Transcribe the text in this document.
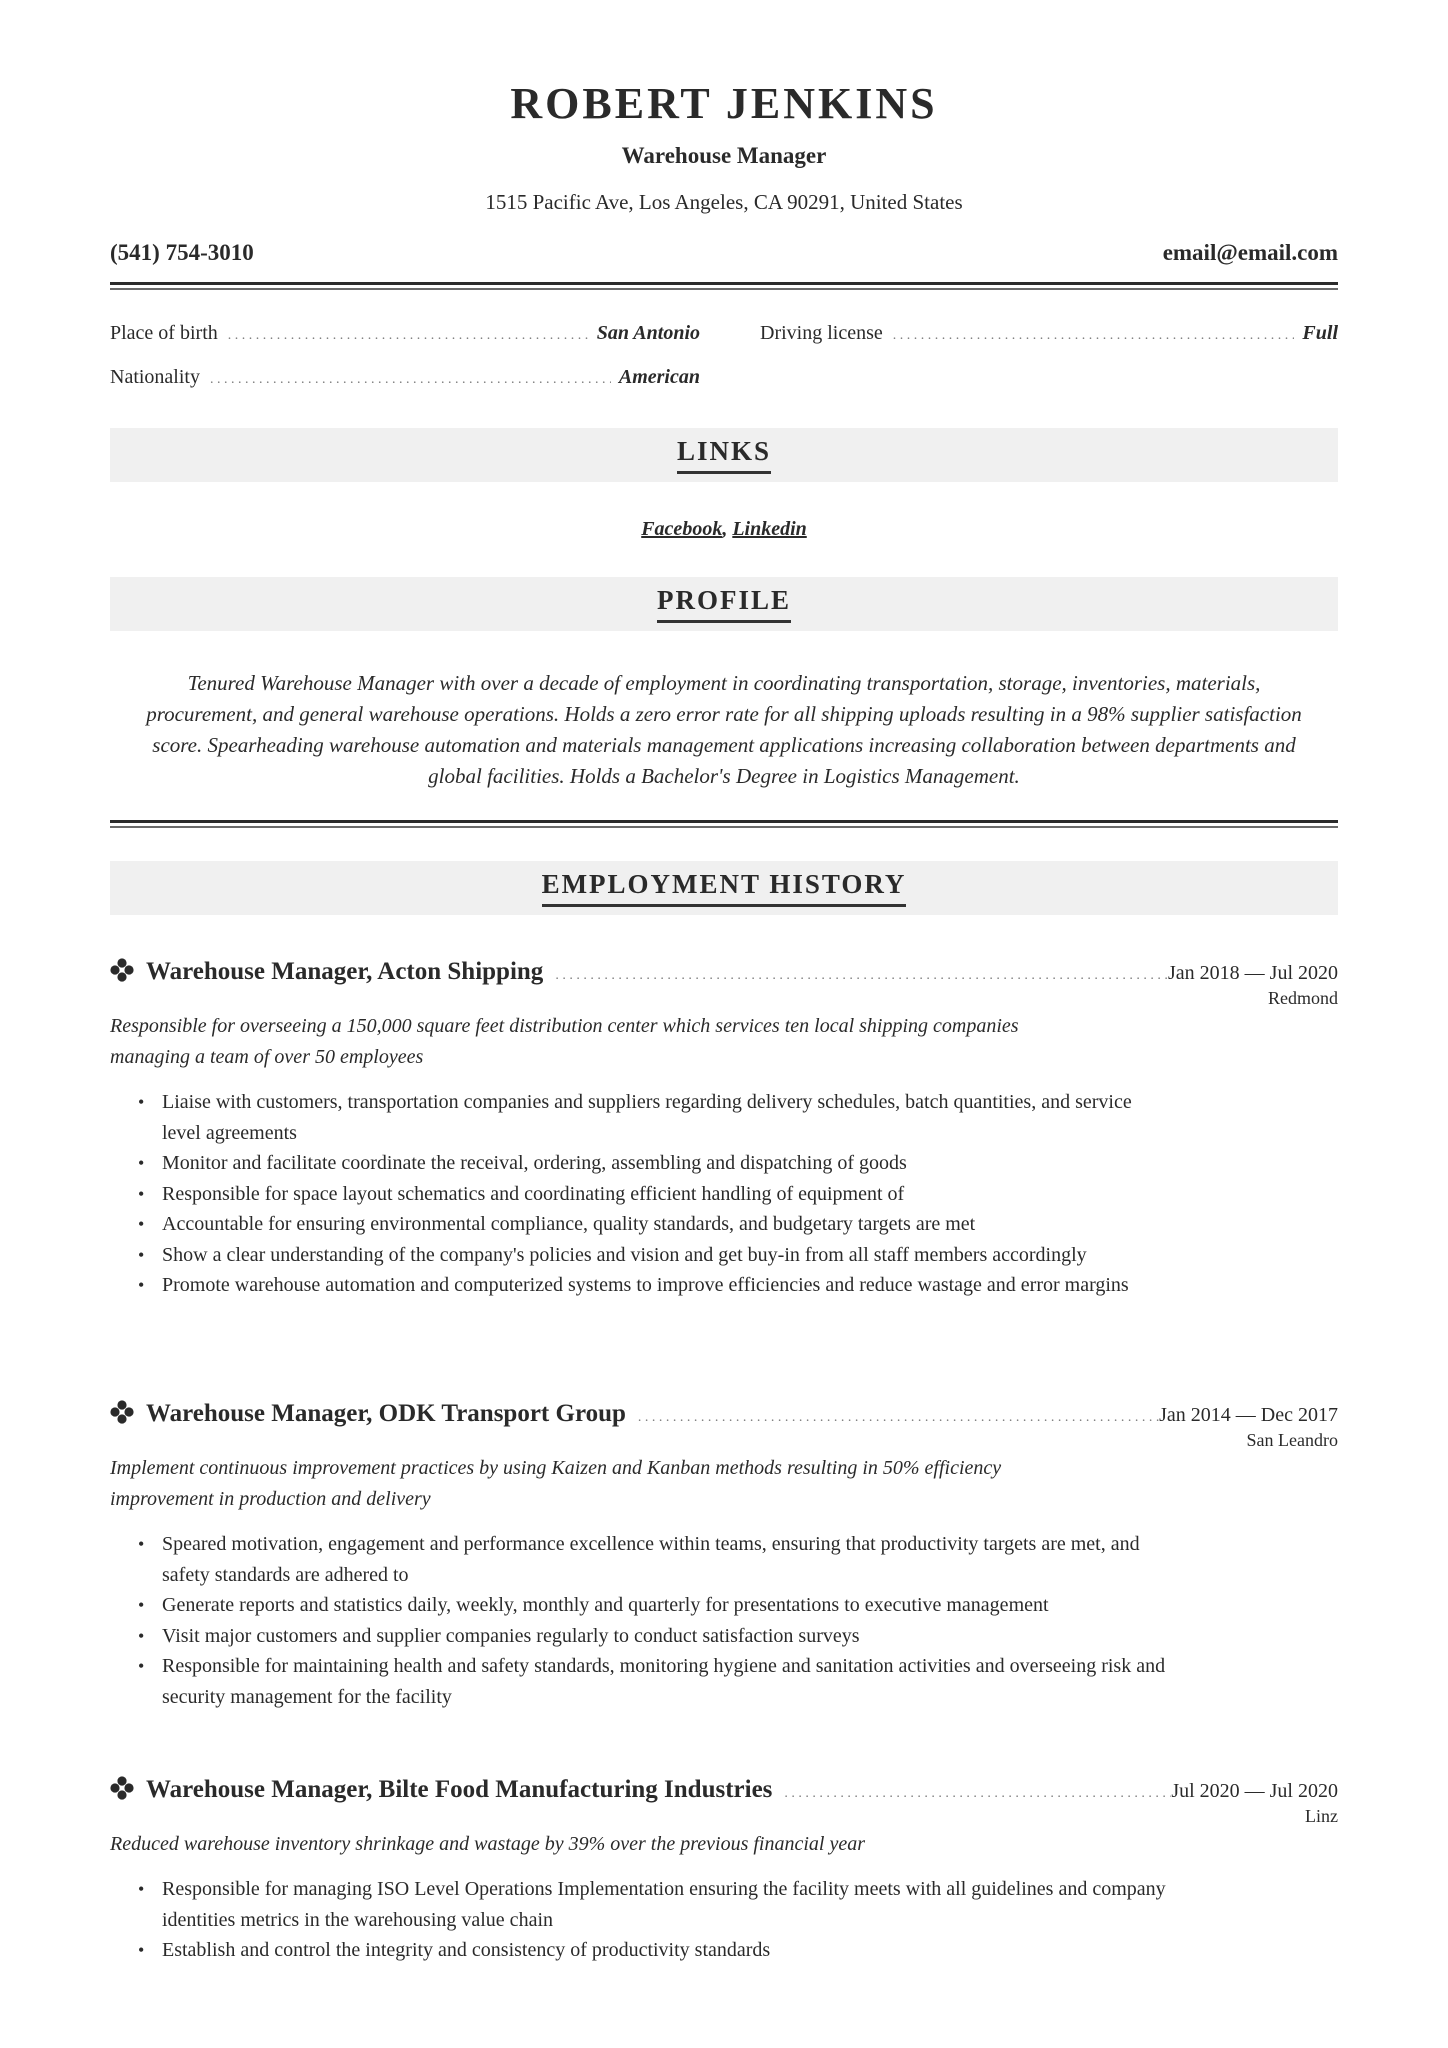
ROBERT JENKINS
Warehouse Manager
1515 Pacific Ave, Los Angeles, CA 90291, United States
(541) 754-3010	email@email.com
Place of birth . . .	San Antonio
Nationality . . .	American
Driving license . . .	Full
LINKS
Facebook, Linkedin
PROFILE
Tenured Warehouse Manager with over a decade of employment in coordinating transportation, storage, inventories, materials, procurement, and general warehouse operations. Holds a zero error rate for all shipping uploads resulting in a 98% supplier satisfaction score. Spearheading warehouse automation and materials management applications increasing collaboration between departments and global facilities. Holds a Bachelor's Degree in Logistics Management.
EMPLOYMENT HISTORY
Warehouse Manager, Acton Shipping . . .	Jan 2018 — Jul 2020
Redmond
Responsible for overseeing a 150,000 square feet distribution center which services ten local shipping companies managing a team of over 50 employees
• Liaise with customers, transportation companies and suppliers regarding delivery schedules, batch quantities, and service level agreements
• Monitor and facilitate coordinate the receival, ordering, assembling and dispatching of goods
• Responsible for space layout schematics and coordinating efficient handling of equipment of
• Accountable for ensuring environmental compliance, quality standards, and budgetary targets are met
• Show a clear understanding of the company's policies and vision and get buy-in from all staff members accordingly
• Promote warehouse automation and computerized systems to improve efficiencies and reduce wastage and error margins
Warehouse Manager, ODK Transport Group . . .	Jan 2014 — Dec 2017
San Leandro
Implement continuous improvement practices by using Kaizen and Kanban methods resulting in 50% efficiency improvement in production and delivery
• Speared motivation, engagement and performance excellence within teams, ensuring that productivity targets are met, and safety standards are adhered to
• Generate reports and statistics daily, weekly, monthly and quarterly for presentations to executive management
• Visit major customers and supplier companies regularly to conduct satisfaction surveys
• Responsible for maintaining health and safety standards, monitoring hygiene and sanitation activities and overseeing risk and security management for the facility
Warehouse Manager, Bilte Food Manufacturing Industries . . .	Jul 2020 — Jul 2020
Linz
Reduced warehouse inventory shrinkage and wastage by 39% over the previous financial year
• Responsible for managing ISO Level Operations Implementation ensuring the facility meets with all guidelines and company identities metrics in the warehousing value chain
• Establish and control the integrity and consistency of productivity standards
